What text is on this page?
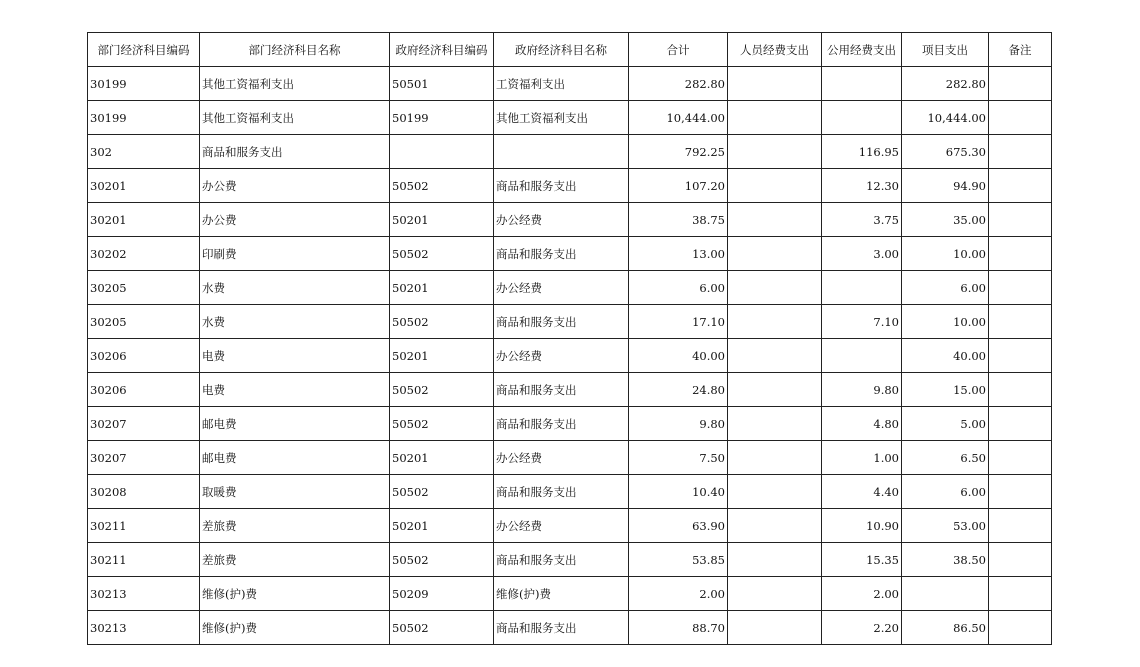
部门经济科目编码	部门经济科目名称	政府经济科目编码	政府经济科目名称	合计	人员经费支出	公用经费支出	项目支出	备注
30199	其他工资福利支出	50501	工资福利支出	282.80			282.80	
30199	其他工资福利支出	50199	其他工资福利支出	10,444.00			10,444.00	
302	商品和服务支出			792.25		116.95	675.30	
30201	办公费	50502	商品和服务支出	107.20		12.30	94.90	
30201	办公费	50201	办公经费	38.75		3.75	35.00	
30202	印刷费	50502	商品和服务支出	13.00		3.00	10.00	
30205	水费	50201	办公经费	6.00			6.00	
30205	水费	50502	商品和服务支出	17.10		7.10	10.00	
30206	电费	50201	办公经费	40.00			40.00	
30206	电费	50502	商品和服务支出	24.80		9.80	15.00	
30207	邮电费	50502	商品和服务支出	9.80		4.80	5.00	
30207	邮电费	50201	办公经费	7.50		1.00	6.50	
30208	取暖费	50502	商品和服务支出	10.40		4.40	6.00	
30211	差旅费	50201	办公经费	63.90		10.90	53.00	
30211	差旅费	50502	商品和服务支出	53.85		15.35	38.50	
30213	维修(护)费	50209	维修(护)费	2.00		2.00		
30213	维修(护)费	50502	商品和服务支出	88.70		2.20	86.50	
